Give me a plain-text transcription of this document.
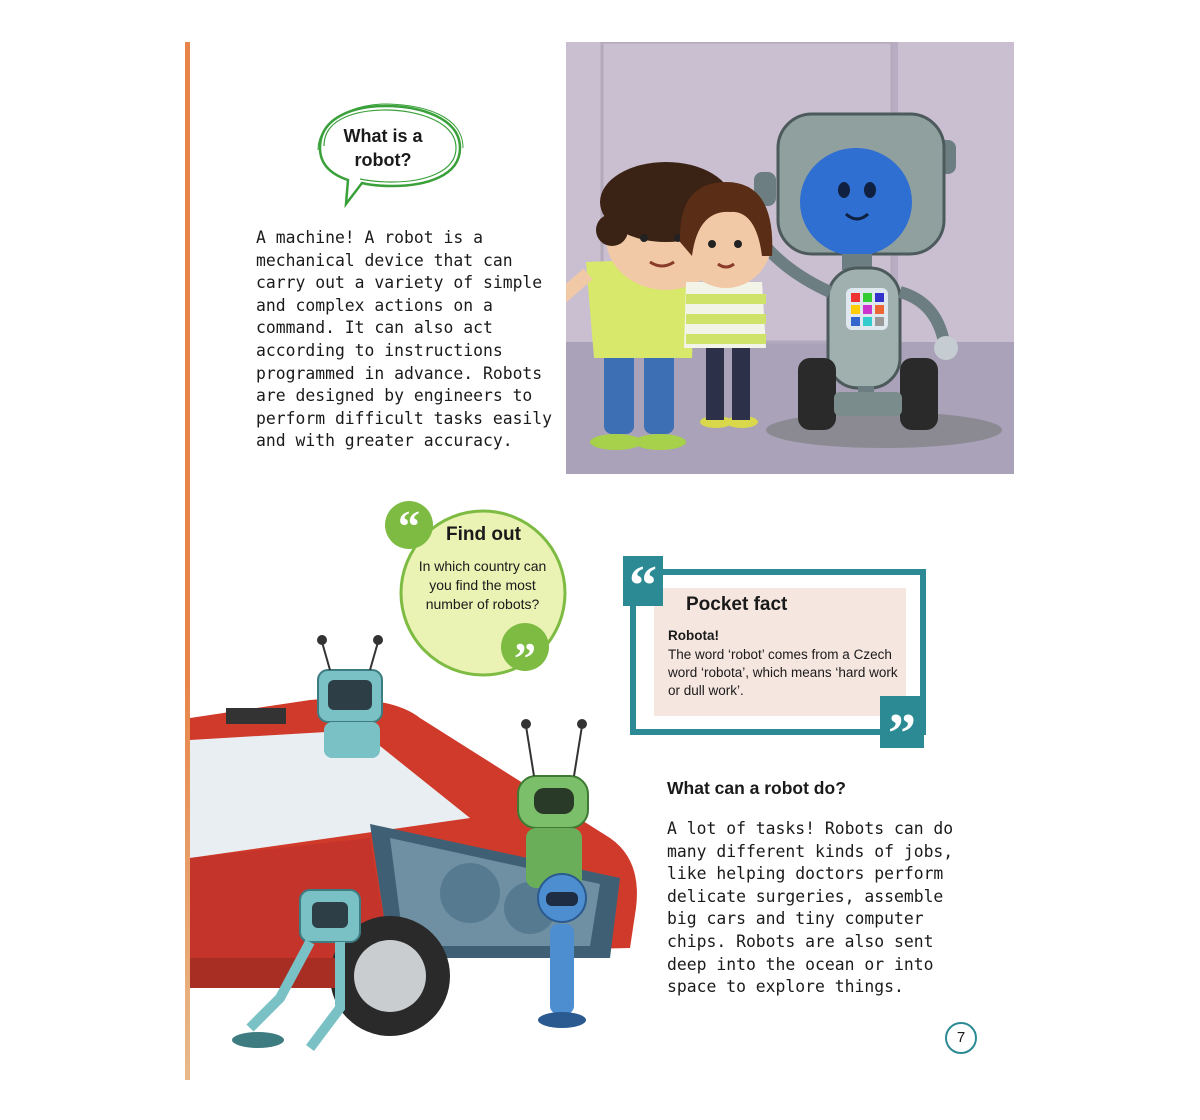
What is a robot?
A machine! A robot is a mechanical device that can carry out a variety of simple and complex actions on a command. It can also act according to instructions programmed in advance. Robots are designed by engineers to perform difficult tasks easily and with greater accuracy.
“
”
Find out
In which country can you find the most number of robots? “
”
Pocket fact
Robota!
The word ‘robot’ comes from a Czech word ‘robota’, which means ‘hard work or dull work’.
What can a robot do?
A lot of tasks! Robots can do many different kinds of jobs, like helping doctors perform delicate surgeries, assemble big cars and tiny computer chips. Robots are also sent deep into the ocean or into space to explore things.
7
